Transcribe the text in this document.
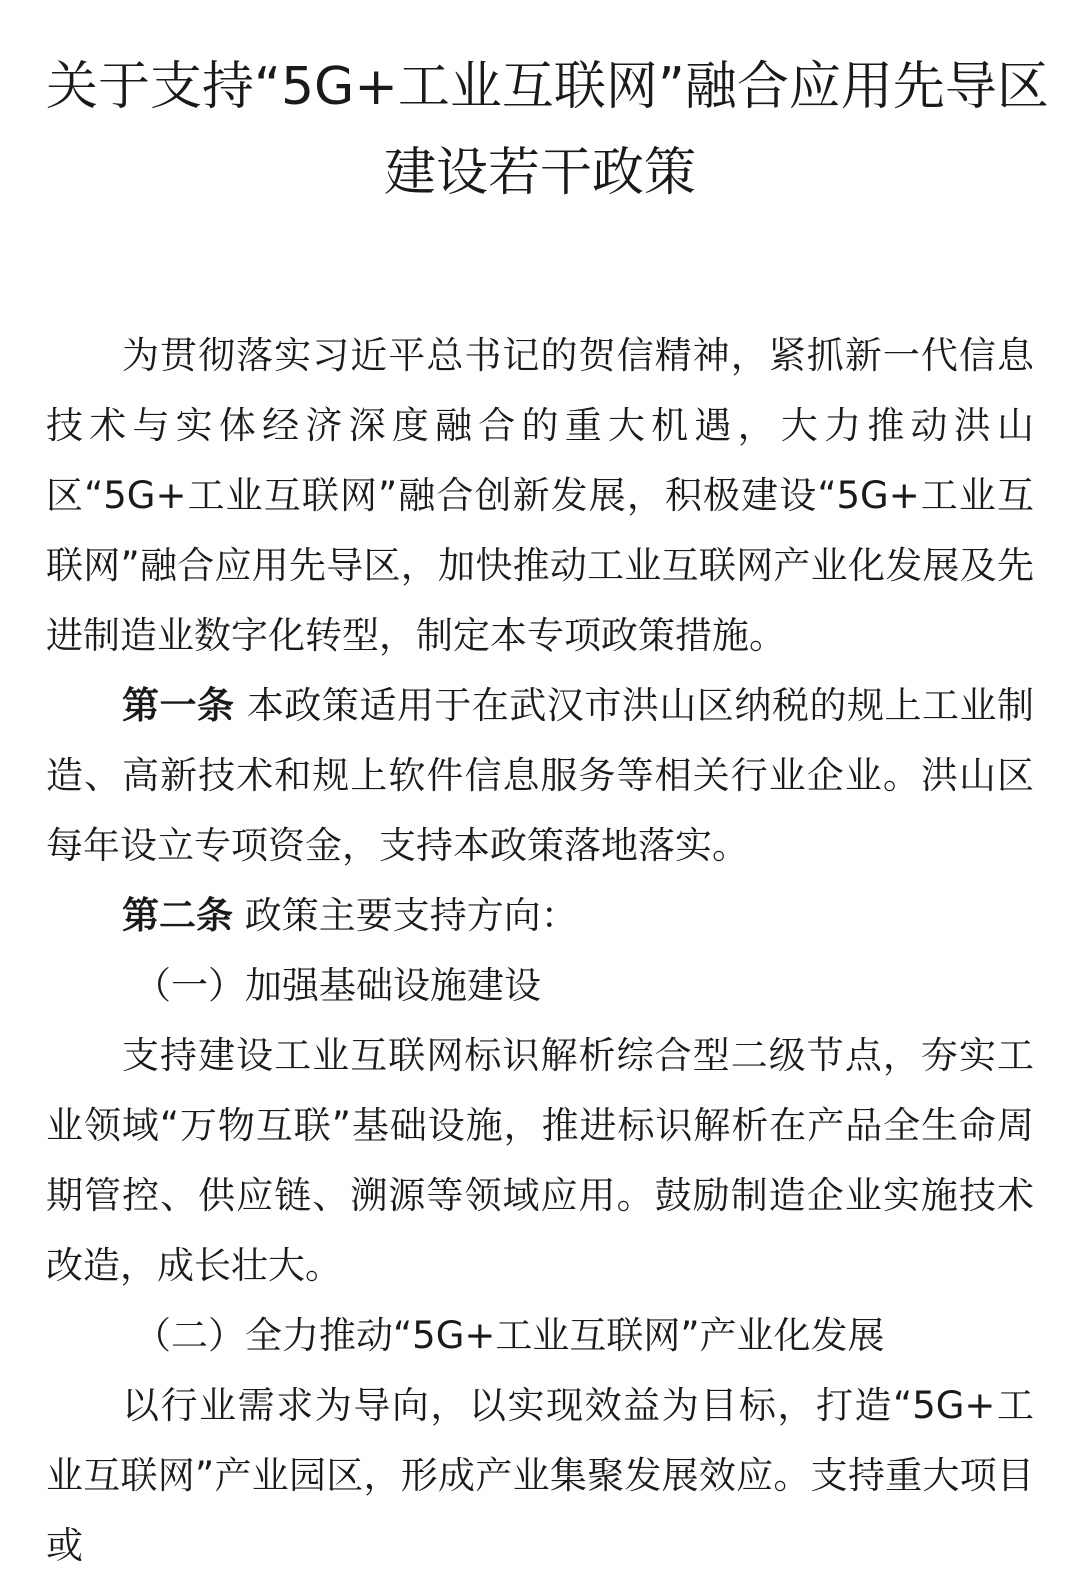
关于支持“5G+工业互联网”融合应用先导区
建设若干政策

为贯彻落实习近平总书记的贺信精神，紧抓新一代信息技术与实体经济深度融合的重大机遇，大力推动洪山区“5G+工业互联网”融合创新发展，积极建设“5G+工业互联网”融合应用先导区，加快推动工业互联网产业化发展及先进制造业数字化转型，制定本专项政策措施。

第一条 本政策适用于在武汉市洪山区纳税的规上工业制造、高新技术和规上软件信息服务等相关行业企业。洪山区每年设立专项资金，支持本政策落地落实。

第二条 政策主要支持方向：

（一）加强基础设施建设

支持建设工业互联网标识解析综合型二级节点，夯实工业领域“万物互联”基础设施，推进标识解析在产品全生命周期管控、供应链、溯源等领域应用。鼓励制造企业实施技术改造，成长壮大。

（二）全力推动“5G+工业互联网”产业化发展

以行业需求为导向，以实现效益为目标，打造“5G+工业互联网”产业园区，形成产业集聚发展效应。支持重大项目或
